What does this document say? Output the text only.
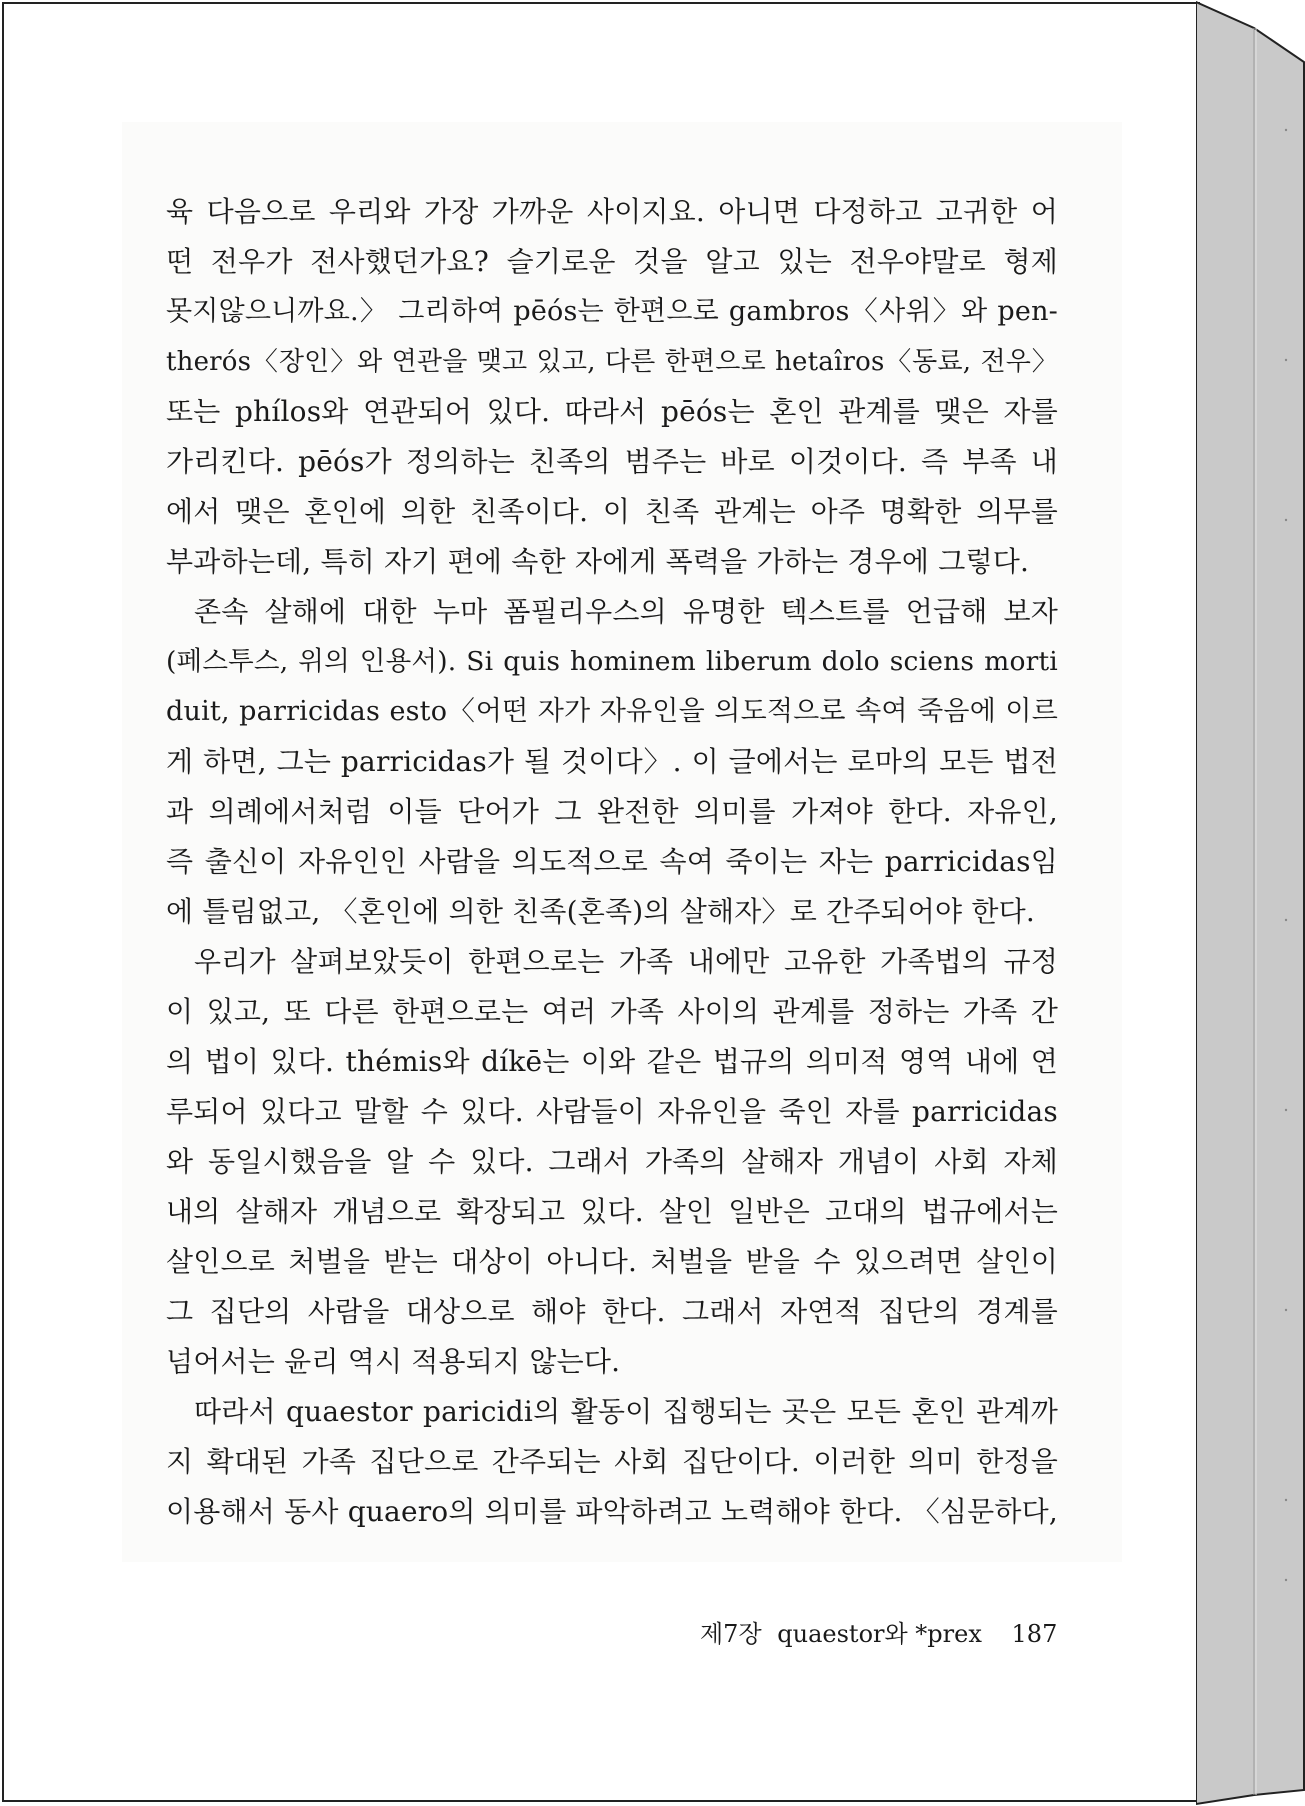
육 다음으로 우리와 가장 가까운 사이지요. 아니면 다정하고 고귀한 어
떤 전우가 전사했던가요? 슬기로운 것을 알고 있는 전우야말로 형제
못지않으니까요.〉 그리하여 pēós는 한편으로 gambros〈사위〉와 pen-
therós〈장인〉와 연관을 맺고 있고, 다른 한편으로 hetaîros〈동료, 전우〉
또는 phílos와 연관되어 있다. 따라서 pēós는 혼인 관계를 맺은 자를
가리킨다. pēós가 정의하는 친족의 범주는 바로 이것이다. 즉 부족 내
에서 맺은 혼인에 의한 친족이다. 이 친족 관계는 아주 명확한 의무를
부과하는데, 특히 자기 편에 속한 자에게 폭력을 가하는 경우에 그렇다.
존속 살해에 대한 누마 폼필리우스의 유명한 텍스트를 언급해 보자
(페스투스, 위의 인용서). Si quis hominem liberum dolo sciens morti
duit, parricidas esto〈어떤 자가 자유인을 의도적으로 속여 죽음에 이르
게 하면, 그는 parricidas가 될 것이다〉. 이 글에서는 로마의 모든 법전
과 의례에서처럼 이들 단어가 그 완전한 의미를 가져야 한다. 자유인,
즉 출신이 자유인인 사람을 의도적으로 속여 죽이는 자는 parricidas임
에 틀림없고, 〈혼인에 의한 친족(혼족)의 살해자〉로 간주되어야 한다.
우리가 살펴보았듯이 한편으로는 가족 내에만 고유한 가족법의 규정
이 있고, 또 다른 한편으로는 여러 가족 사이의 관계를 정하는 가족 간
의 법이 있다. thémis와 díkē는 이와 같은 법규의 의미적 영역 내에 연
루되어 있다고 말할 수 있다. 사람들이 자유인을 죽인 자를 parricidas
와 동일시했음을 알 수 있다. 그래서 가족의 살해자 개념이 사회 자체
내의 살해자 개념으로 확장되고 있다. 살인 일반은 고대의 법규에서는
살인으로 처벌을 받는 대상이 아니다. 처벌을 받을 수 있으려면 살인이
그 집단의 사람을 대상으로 해야 한다. 그래서 자연적 집단의 경계를
넘어서는 윤리 역시 적용되지 않는다.
따라서 quaestor paricidi의 활동이 집행되는 곳은 모든 혼인 관계까
지 확대된 가족 집단으로 간주되는 사회 집단이다. 이러한 의미 한정을
이용해서 동사 quaero의 의미를 파악하려고 노력해야 한다. 〈심문하다,
제7장 quaestor와 *prex 187
